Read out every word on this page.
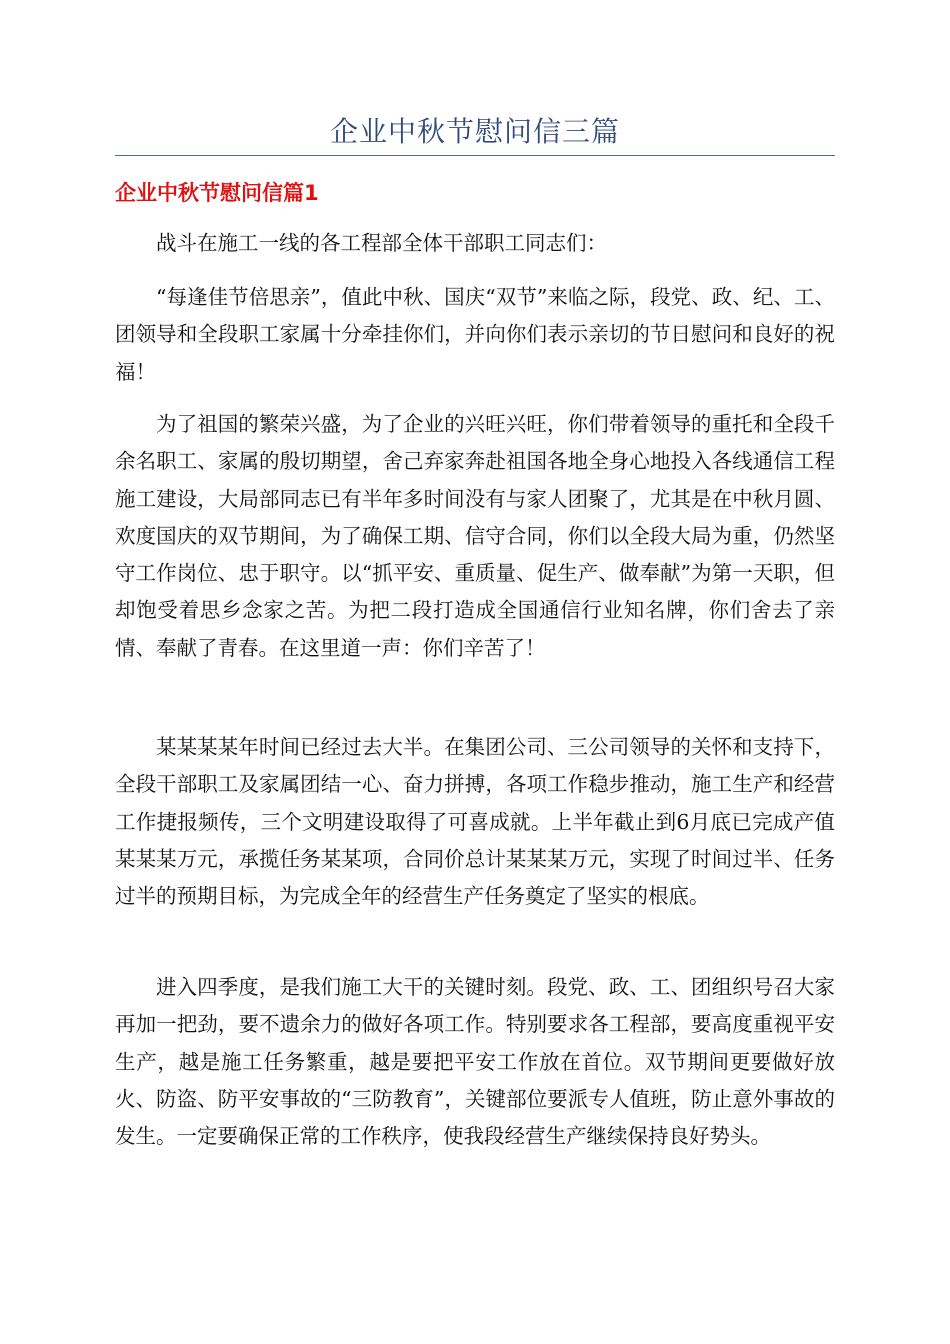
企业中秋节慰问信三篇
企业中秋节慰问信篇1

战斗在施工一线的各工程部全体干部职工同志们：

“每逢佳节倍思亲”，值此中秋、国庆“双节”来临之际，段党、政、纪、工、团领导和全段职工家属十分牵挂你们，并向你们表示亲切的节日慰问和良好的祝福！

为了祖国的繁荣兴盛，为了企业的兴旺兴旺，你们带着领导的重托和全段千余名职工、家属的殷切期望，舍己弃家奔赴祖国各地全身心地投入各线通信工程施工建设，大局部同志已有半年多时间没有与家人团聚了，尤其是在中秋月圆、欢度国庆的双节期间，为了确保工期、信守合同，你们以全段大局为重，仍然坚守工作岗位、忠于职守。以“抓平安、重质量、促生产、做奉献”为第一天职，但却饱受着思乡念家之苦。为把二段打造成全国通信行业知名牌，你们舍去了亲情、奉献了青春。在这里道一声：你们辛苦了！

某某某某年时间已经过去大半。在集团公司、三公司领导的关怀和支持下，全段干部职工及家属团结一心、奋力拼搏，各项工作稳步推动，施工生产和经营工作捷报频传，三个文明建设取得了可喜成就。上半年截止到6月底已完成产值某某某万元，承揽任务某某项，合同价总计某某某万元，实现了时间过半、任务过半的预期目标，为完成全年的经营生产任务奠定了坚实的根底。

进入四季度，是我们施工大干的关键时刻。段党、政、工、团组织号召大家再加一把劲，要不遗余力的做好各项工作。特别要求各工程部，要高度重视平安生产，越是施工任务繁重，越是要把平安工作放在首位。双节期间更要做好放火、防盗、防平安事故的“三防教育”，关键部位要派专人值班，防止意外事故的发生。一定要确保正常的工作秩序，使我段经营生产继续保持良好势头。
